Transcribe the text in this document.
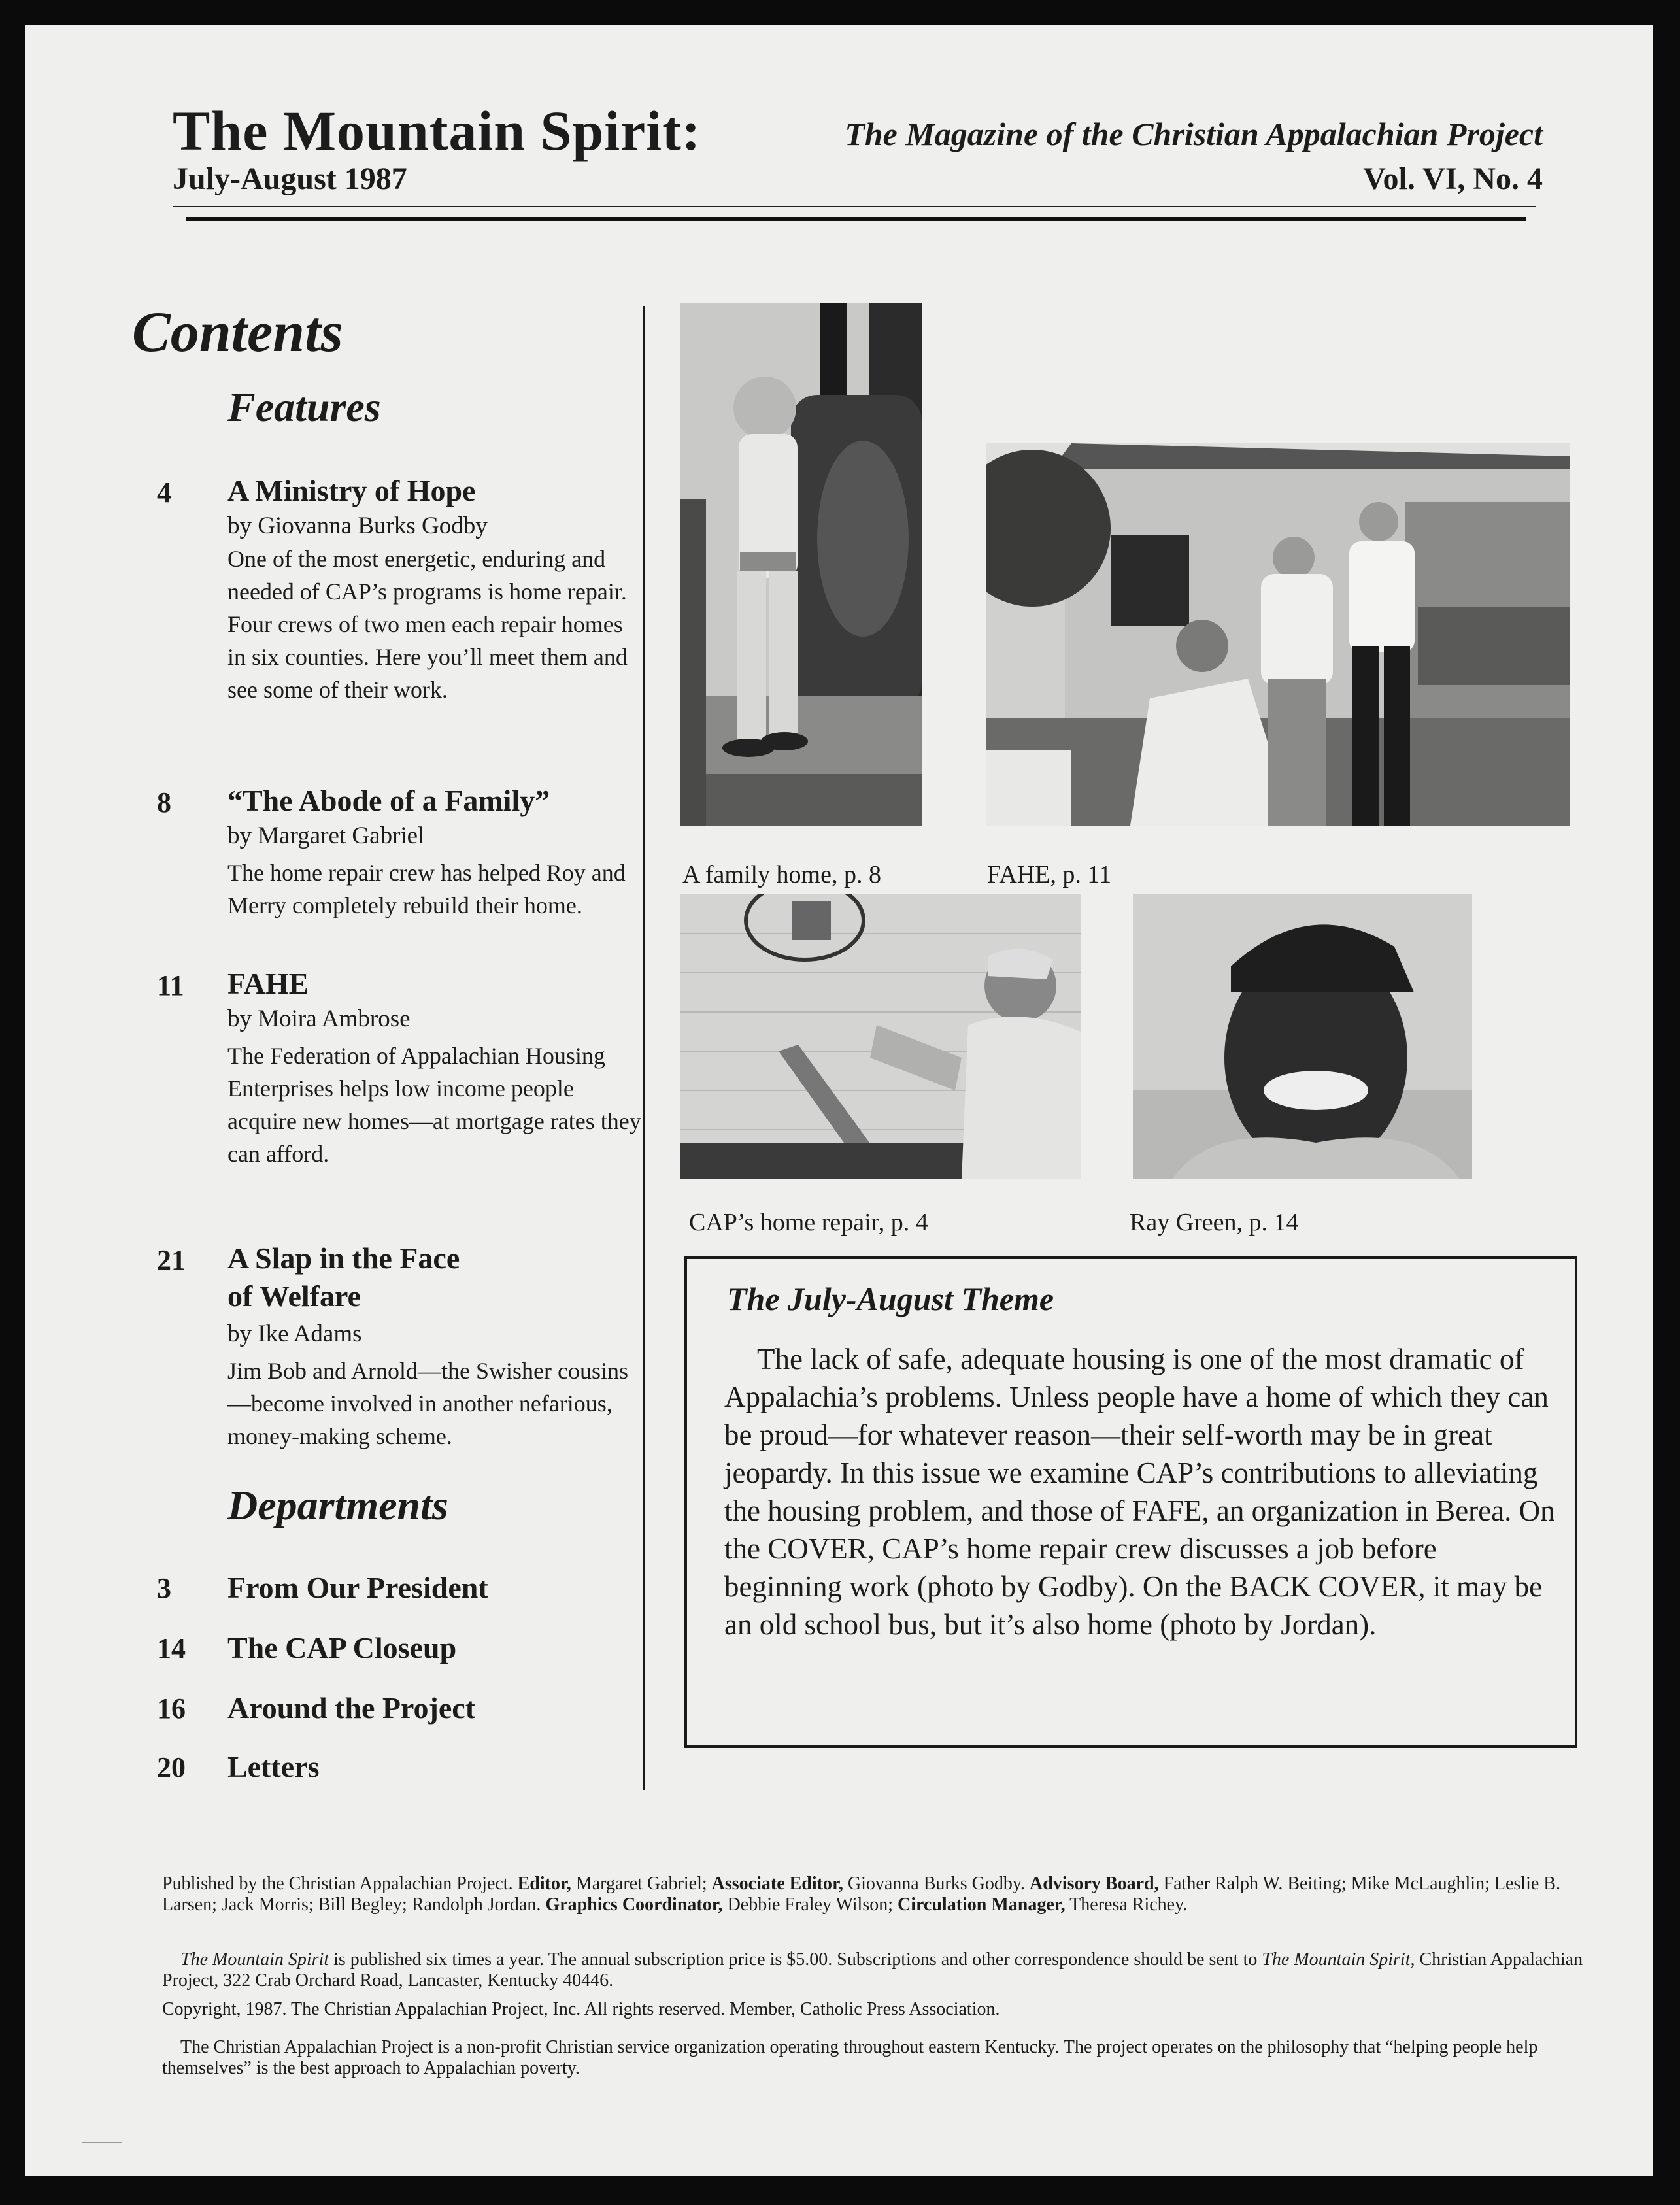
The Mountain Spirit:	The Magazine of the Christian Appalachian Project
July-August 1987	Vol. VI, No. 4
Contents
Features
4 A Ministry of Hope
by Giovanna Burks Godby
One of the most energetic, enduring and needed of CAP’s programs is home repair. Four crews of two men each repair homes in six counties. Here you’ll meet them and see some of their work.
8 “The Abode of a Family”
by Margaret Gabriel
The home repair crew has helped Roy and Merry completely rebuild their home.
11 FAHE
by Moira Ambrose
The Federation of Appalachian Housing Enterprises helps low income people acquire new homes—at mortgage rates they can afford.
21 A Slap in the Face
of Welfare
by Ike Adams
Jim Bob and Arnold—the Swisher cousins—become involved in another nefarious, money-making scheme.
Departments
3 From Our President
14 The CAP Closeup
16 Around the Project
20 Letters
A family home, p. 8	FAHE, p. 11
CAP’s home repair, p. 4	Ray Green, p. 14
The July-August Theme
The lack of safe, adequate housing is one of the most dramatic of Appalachia’s problems. Unless people have a home of which they can be proud—for whatever reason—their self-worth may be in great jeopardy. In this issue we examine CAP’s contributions to alleviating the housing problem, and those of FAFE, an organization in Berea. On the COVER, CAP’s home repair crew discusses a job before beginning work (photo by Godby). On the BACK COVER, it may be an old school bus, but it’s also home (photo by Jordan).
Published by the Christian Appalachian Project. Editor, Margaret Gabriel; Associate Editor, Giovanna Burks Godby. Advisory Board, Father Ralph W. Beiting; Mike McLaughlin; Leslie B. Larsen; Jack Morris; Bill Begley; Randolph Jordan. Graphics Coordinator, Debbie Fraley Wilson; Circulation Manager, Theresa Richey.
The Mountain Spirit is published six times a year. The annual subscription price is $5.00. Subscriptions and other correspondence should be sent to The Mountain Spirit, Christian Appalachian Project, 322 Crab Orchard Road, Lancaster, Kentucky 40446.
Copyright, 1987. The Christian Appalachian Project, Inc. All rights reserved. Member, Catholic Press Association.
The Christian Appalachian Project is a non-profit Christian service organization operating throughout eastern Kentucky. The project operates on the philosophy that “helping people help themselves” is the best approach to Appalachian poverty.
